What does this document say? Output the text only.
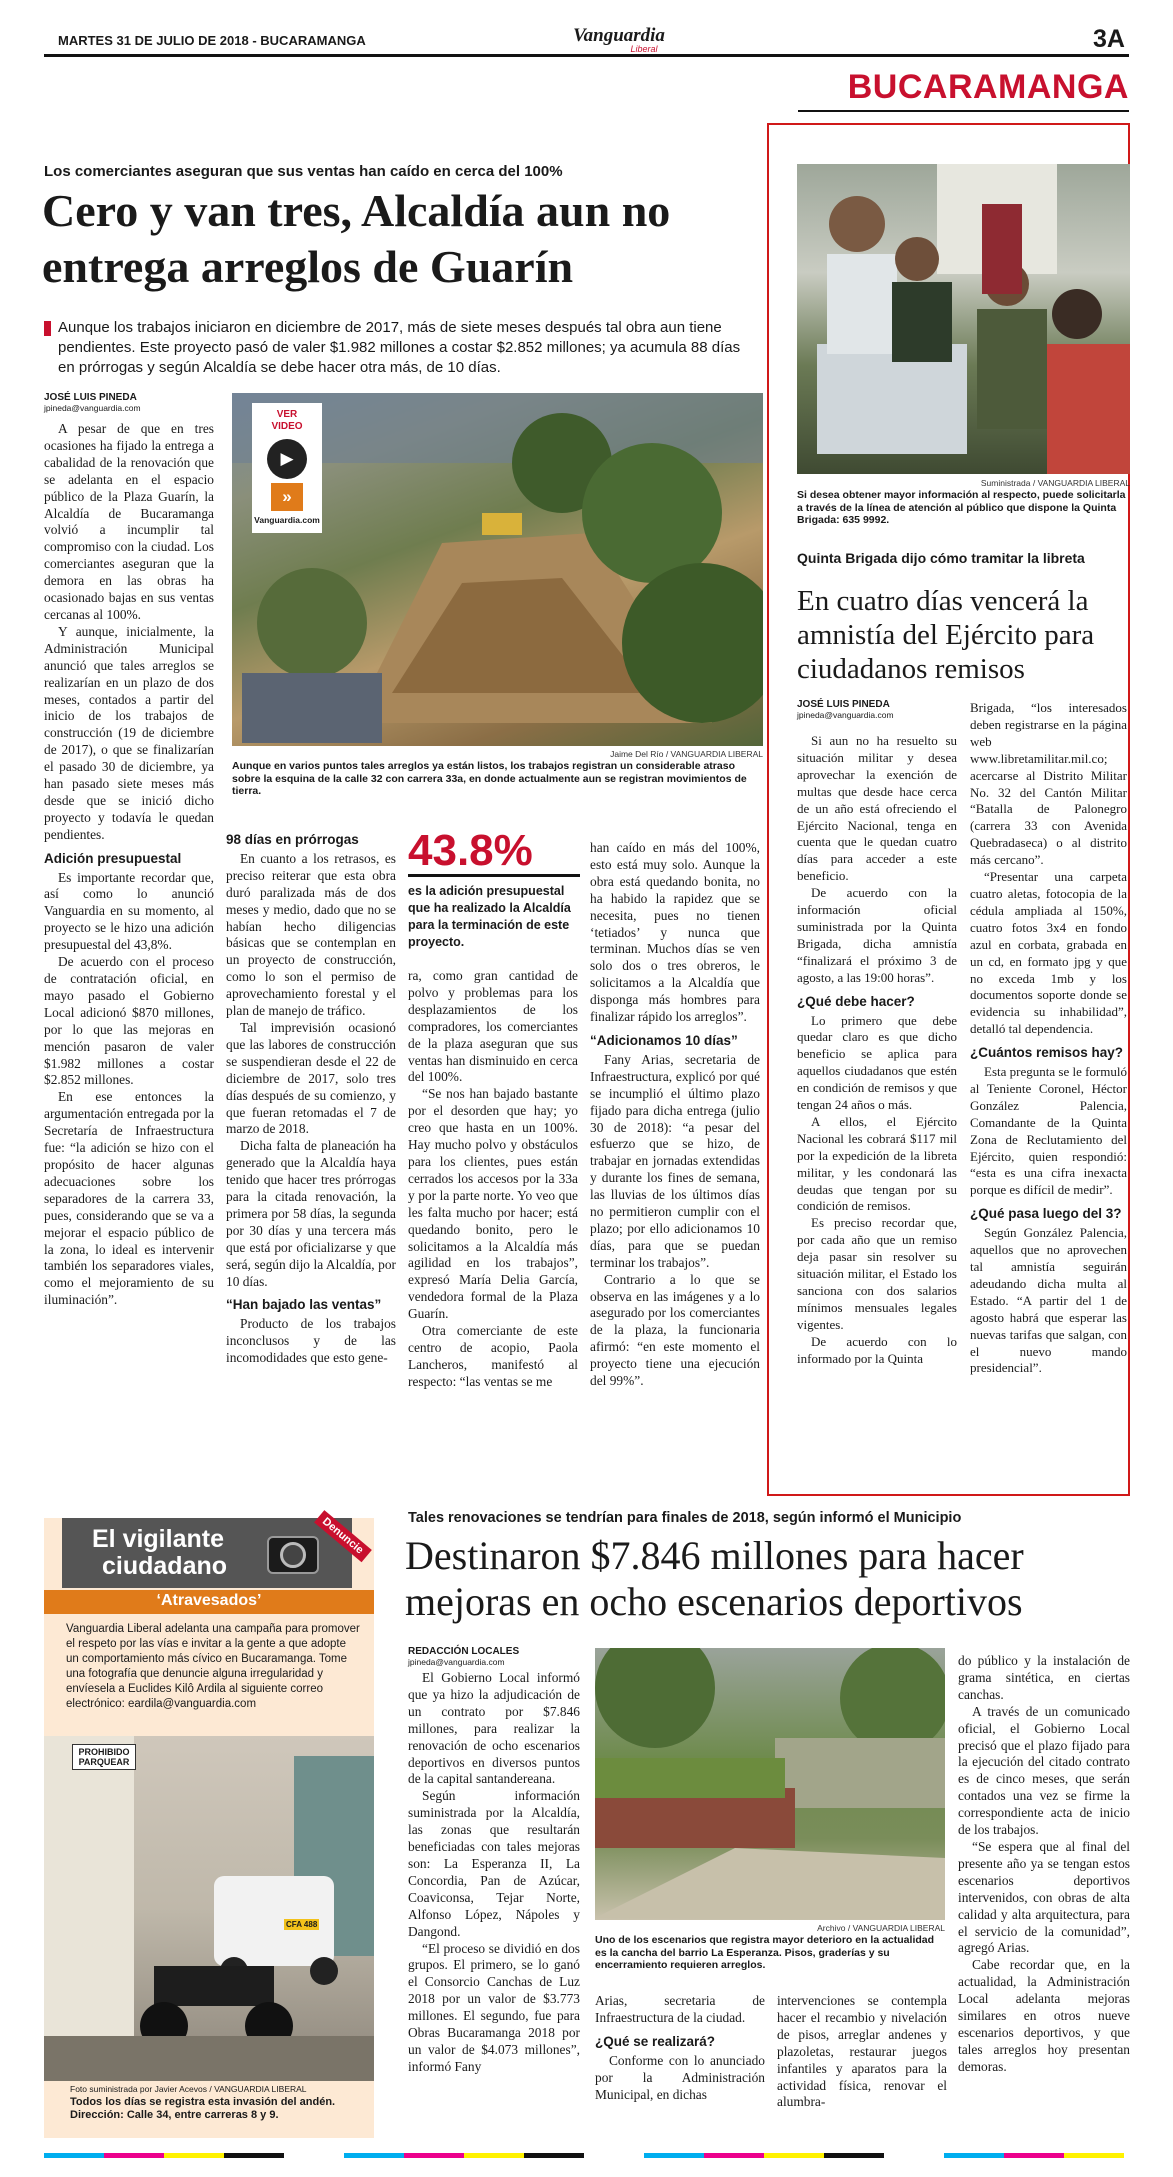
MARTES 31 DE JULIO DE 2018 - BUCARAMANGA	Vanguardia
Liberal	3A
BUCARAMANGA
Los comerciantes aseguran que sus ventas han caído en cerca del 100%
Cero y van tres, Alcaldía aun no entrega arreglos de Guarín
Aunque los trabajos iniciaron en diciembre de 2017, más de siete meses después tal obra aun tiene pendientes. Este proyecto pasó de valer $1.982 millones a costar $2.852 millones; ya acumula 88 días en prórrogas y según Alcaldía se debe hacer otra más, de 10 días.
JOSÉ LUIS PINEDA
jpineda@vanguardia.com
VER VIDEO
▶
»
Vanguardia.com
Jaime Del Río / VANGUARDIA LIBERAL
Aunque en varios puntos tales arreglos ya están listos, los trabajos registran un considerable atraso sobre la esquina de la calle 32 con carrera 33a, en donde actualmente aun se registran movimientos de tierra.

A pesar de que en tres ocasiones ha fijado la entrega a cabalidad de la renovación que se adelanta en el espacio público de la Plaza Guarín, la Alcaldía de Bucaramanga volvió a incumplir tal compromiso con la ciudad. Los comerciantes aseguran que la demora en las obras ha ocasionado bajas en sus ventas cercanas al 100%.

Y aunque, inicialmente, la Administración Municipal anunció que tales arreglos se realizarían en un plazo de dos meses, contados a partir del inicio de los trabajos de construcción (19 de diciembre de 2017), o que se finalizarían el pasado 30 de diciembre, ya han pasado siete meses más desde que se inició dicho proyecto y todavía le quedan pendientes.

Adición presupuestal

Es importante recordar que, así como lo anunció Vanguardia en su momento, al proyecto se le hizo una adición presupuestal del 43,8%.

De acuerdo con el proceso de contratación oficial, en mayo pasado el Gobierno Local adicionó $870 millones, por lo que las mejoras en mención pasaron de valer $1.982 millones a costar $2.852 millones.

En ese entonces la argumentación entregada por la Secretaría de Infraestructura fue: “la adición se hizo con el propósito de hacer algunas adecuaciones sobre los separadores de la carrera 33, pues, considerando que se va a mejorar el espacio público de la zona, lo ideal es intervenir también los separadores viales, como el mejoramiento de su iluminación”.

98 días en prórrogas

En cuanto a los retrasos, es preciso reiterar que esta obra duró paralizada más de dos meses y medio, dado que no se habían hecho diligencias básicas que se contemplan en un proyecto de construcción, como lo son el permiso de aprovechamiento forestal y el plan de manejo de tráfico.

Tal imprevisión ocasionó que las labores de construcción se suspendieran desde el 22 de diciembre de 2017, solo tres días después de su comienzo, y que fueran retomadas el 7 de marzo de 2018.

Dicha falta de planeación ha generado que la Alcaldía haya tenido que hacer tres prórrogas para la citada renovación, la primera por 58 días, la segunda por 30 días y una tercera más que está por oficializarse y que será, según dijo la Alcaldía, por 10 días.

“Han bajado las ventas”

Producto de los trabajos inconclusos y de las incomodidades que esto gene-

43.8%
es la adición presupuestal que ha realizado la Alcaldía para la terminación de este proyecto.

ra, como gran cantidad de polvo y problemas para los desplazamientos de los compradores, los comerciantes de la plaza aseguran que sus ventas han disminuido en cerca del 100%.

“Se nos han bajado bastante por el desorden que hay; yo creo que hasta en un 100%. Hay mucho polvo y obstáculos para los clientes, pues están cerrados los accesos por la 33a y por la parte norte. Yo veo que les falta mucho por hacer; está quedando bonito, pero le solicitamos a la Alcaldía más agilidad en los trabajos”, expresó María Delia García, vendedora formal de la Plaza Guarín.

Otra comerciante de este centro de acopio, Paola Lancheros, manifestó al respecto: “las ventas se me

han caído en más del 100%, esto está muy solo. Aunque la obra está quedando bonita, no ha habido la rapidez que se necesita, pues no tienen ‘tetiados’ y nunca que terminan. Muchos días se ven solo dos o tres obreros, le solicitamos a la Alcaldía que disponga más hombres para finalizar rápido los arreglos”.

“Adicionamos 10 días”

Fany Arias, secretaria de Infraestructura, explicó por qué se incumplió el último plazo fijado para dicha entrega (julio 30 de 2018): “a pesar del esfuerzo que se hizo, de trabajar en jornadas extendidas y durante los fines de semana, las lluvias de los últimos días no permitieron cumplir con el plazo; por ello adicionamos 10 días, para que se puedan terminar los trabajos”.

Contrario a lo que se observa en las imágenes y a lo asegurado por los comerciantes de la plaza, la funcionaria afirmó: “en este momento el proyecto tiene una ejecución del 99%”.

Suministrada / VANGUARDIA LIBERAL
Si desea obtener mayor información al respecto, puede solicitarla a través de la línea de atención al público que dispone la Quinta Brigada: 635 9992.
Quinta Brigada dijo cómo tramitar la libreta
En cuatro días vencerá la amnistía del Ejército para ciudadanos remisos
JOSÉ LUIS PINEDA
jpineda@vanguardia.com

Si aun no ha resuelto su situación militar y desea aprovechar la exención de multas que desde hace cerca de un año está ofreciendo el Ejército Nacional, tenga en cuenta que le quedan cuatro días para acceder a este beneficio.

De acuerdo con la información oficial suministrada por la Quinta Brigada, dicha amnistía “finalizará el próximo 3 de agosto, a las 19:00 horas”.

¿Qué debe hacer?

Lo primero que debe quedar claro es que dicho beneficio se aplica para aquellos ciudadanos que estén en condición de remisos y que tengan 24 años o más.

A ellos, el Ejército Nacional les cobrará $117 mil por la expedición de la libreta militar, y les condonará las deudas que tengan por su condición de remisos.

Es preciso recordar que, por cada año que un remiso deja pasar sin resolver su situación militar, el Estado los sanciona con dos salarios mínimos mensuales legales vigentes.

De acuerdo con lo informado por la Quinta

Brigada, “los interesados deben registrarse en la página web www.libretamilitar.mil.co; acercarse al Distrito Militar No. 32 del Cantón Militar “Batalla de Palonegro (carrera 33 con Avenida Quebradaseca) o al distrito más cercano”.

“Presentar una carpeta cuatro aletas, fotocopia de la cédula ampliada al 150%, cuatro fotos 3x4 en fondo azul en corbata, grabada en un cd, en formato jpg y que no exceda 1mb y los documentos soporte donde se evidencia su inhabilidad”, detalló tal dependencia.

¿Cuántos remisos hay?

Esta pregunta se le formuló al Teniente Coronel, Héctor González Palencia, Comandante de la Quinta Zona de Reclutamiento del Ejército, quien respondió: “esta es una cifra inexacta porque es difícil de medir”.

¿Qué pasa luego del 3?

Según González Palencia, aquellos que no aprovechen tal amnistía seguirán adeudando dicha multa al Estado. “A partir del 1 de agosto habrá que esperar las nuevas tarifas que salgan, con el nuevo mando presidencial”.

El vigilante
ciudadano
Denuncie
‘Atravesados’
Vanguardia Liberal adelanta una campaña para promover el respeto por las vías e invitar a la gente a que adopte un comportamiento más cívico en Bucaramanga. Tome una fotografía que denuncie alguna irregularidad y envíesela a Euclides Kilô Ardila al siguiente correo electrónico: eardila@vanguardia.com
PROHIBIDO PARQUEAR
CFA 488
Foto suministrada por Javier Acevos / VANGUARDIA LIBERAL
Todos los días se registra esta invasión del andén. Dirección: Calle 34, entre carreras 8 y 9.
Tales renovaciones se tendrían para finales de 2018, según informó el Municipio
Destinaron $7.846 millones para hacer mejoras en ocho escenarios deportivos
REDACCIÓN LOCALES
jpineda@vanguardia.com

El Gobierno Local informó que ya hizo la adjudicación de un contrato por $7.846 millones, para realizar la renovación de ocho escenarios deportivos en diversos puntos de la capital santandereana.

Según información suministrada por la Alcaldía, las zonas que resultarán beneficiadas con tales mejoras son: La Esperanza II, La Concordia, Pan de Azúcar, Coaviconsa, Tejar Norte, Alfonso López, Nápoles y Dangond.

“El proceso se dividió en dos grupos. El primero, se lo ganó el Consorcio Canchas de Luz 2018 por un valor de $3.773 millones. El segundo, fue para Obras Bucaramanga 2018 por un valor de $4.073 millones”, informó Fany

Archivo / VANGUARDIA LIBERAL
Uno de los escenarios que registra mayor deterioro en la actualidad es la cancha del barrio La Esperanza. Pisos, graderías y su encerramiento requieren arreglos.

Arias, secretaria de Infraestructura de la ciudad.

¿Qué se realizará?

Conforme con lo anunciado por la Administración Municipal, en dichas

intervenciones se contempla hacer el recambio y nivelación de pisos, arreglar andenes y plazoletas, restaurar juegos infantiles y aparatos para la actividad física, renovar el alumbra-

do público y la instalación de grama sintética, en ciertas canchas.

A través de un comunicado oficial, el Gobierno Local precisó que el plazo fijado para la ejecución del citado contrato es de cinco meses, que serán contados una vez se firme la correspondiente acta de inicio de los trabajos.

“Se espera que al final del presente año ya se tengan estos escenarios deportivos intervenidos, con obras de alta calidad y alta arquitectura, para el servicio de la comunidad”, agregó Arias.

Cabe recordar que, en la actualidad, la Administración Local adelanta mejoras similares en otros nueve escenarios deportivos, y que tales arreglos hoy presentan demoras.
